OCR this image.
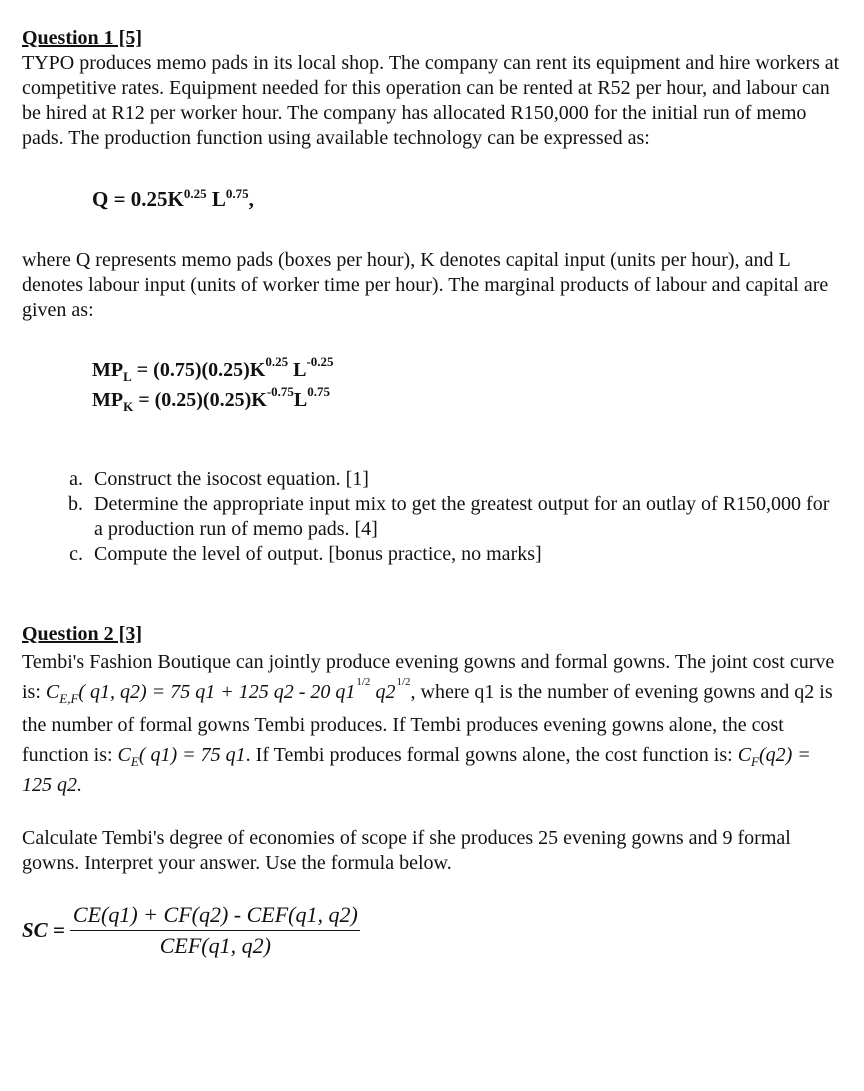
Question 1 [5]

TYPO produces memo pads in its local shop. The company can rent its equipment and hire workers at competitive rates. Equipment needed for this operation can be rented at R52 per hour, and labour can be hired at R12 per worker hour. The company has allocated R150,000 for the initial run of memo pads. The production function using available technology can be expressed as:

$Q = 0.25K^{0.25}$ $L^{0.75}$,

where Q represents memo pads (boxes per hour), K denotes capital input (units per hour), and L denotes labour input (units of worker time per hour). The marginal products of labour and capital are given as:

$MP_L = (0.75)(0.25)K^{0.25}$ $L^{-0.25}$
$MP_K = (0.25)(0.25)K^{-0.75}L^{0.75}$
a. Construct the isocost equation. [1]
b. Determine the appropriate input mix to get the greatest output for an outlay of R150,000 for a production run of memo pads. [4]
c. Compute the level of output. [bonus practice, no marks]

Question 2 [3]

Tembi's Fashion Boutique can jointly produce evening gowns and formal gowns. The joint cost curve is: $C_{E,F}$( q1, q2) = 75 q1 + 125 q2 - 20 $q1^{1/2}$ $q2^{1/2}$, where q1 is the number of evening gowns and q2 is the number of formal gowns Tembi produces. If Tembi produces evening gowns alone, the cost function is: $C_E$( q1) = 75 q1. If Tembi produces formal gowns alone, the cost function is: $C_F(q2) = 125$ q2.

Calculate Tembi's degree of economies of scope if she produces 25 evening gowns and 9 formal gowns. Interpret your answer. Use the formula below.

SC = $\frac{\text{CE(q1) + CF(q2) - CEF(q1, q2)}}{\text{CEF(q1, q2)}}$
